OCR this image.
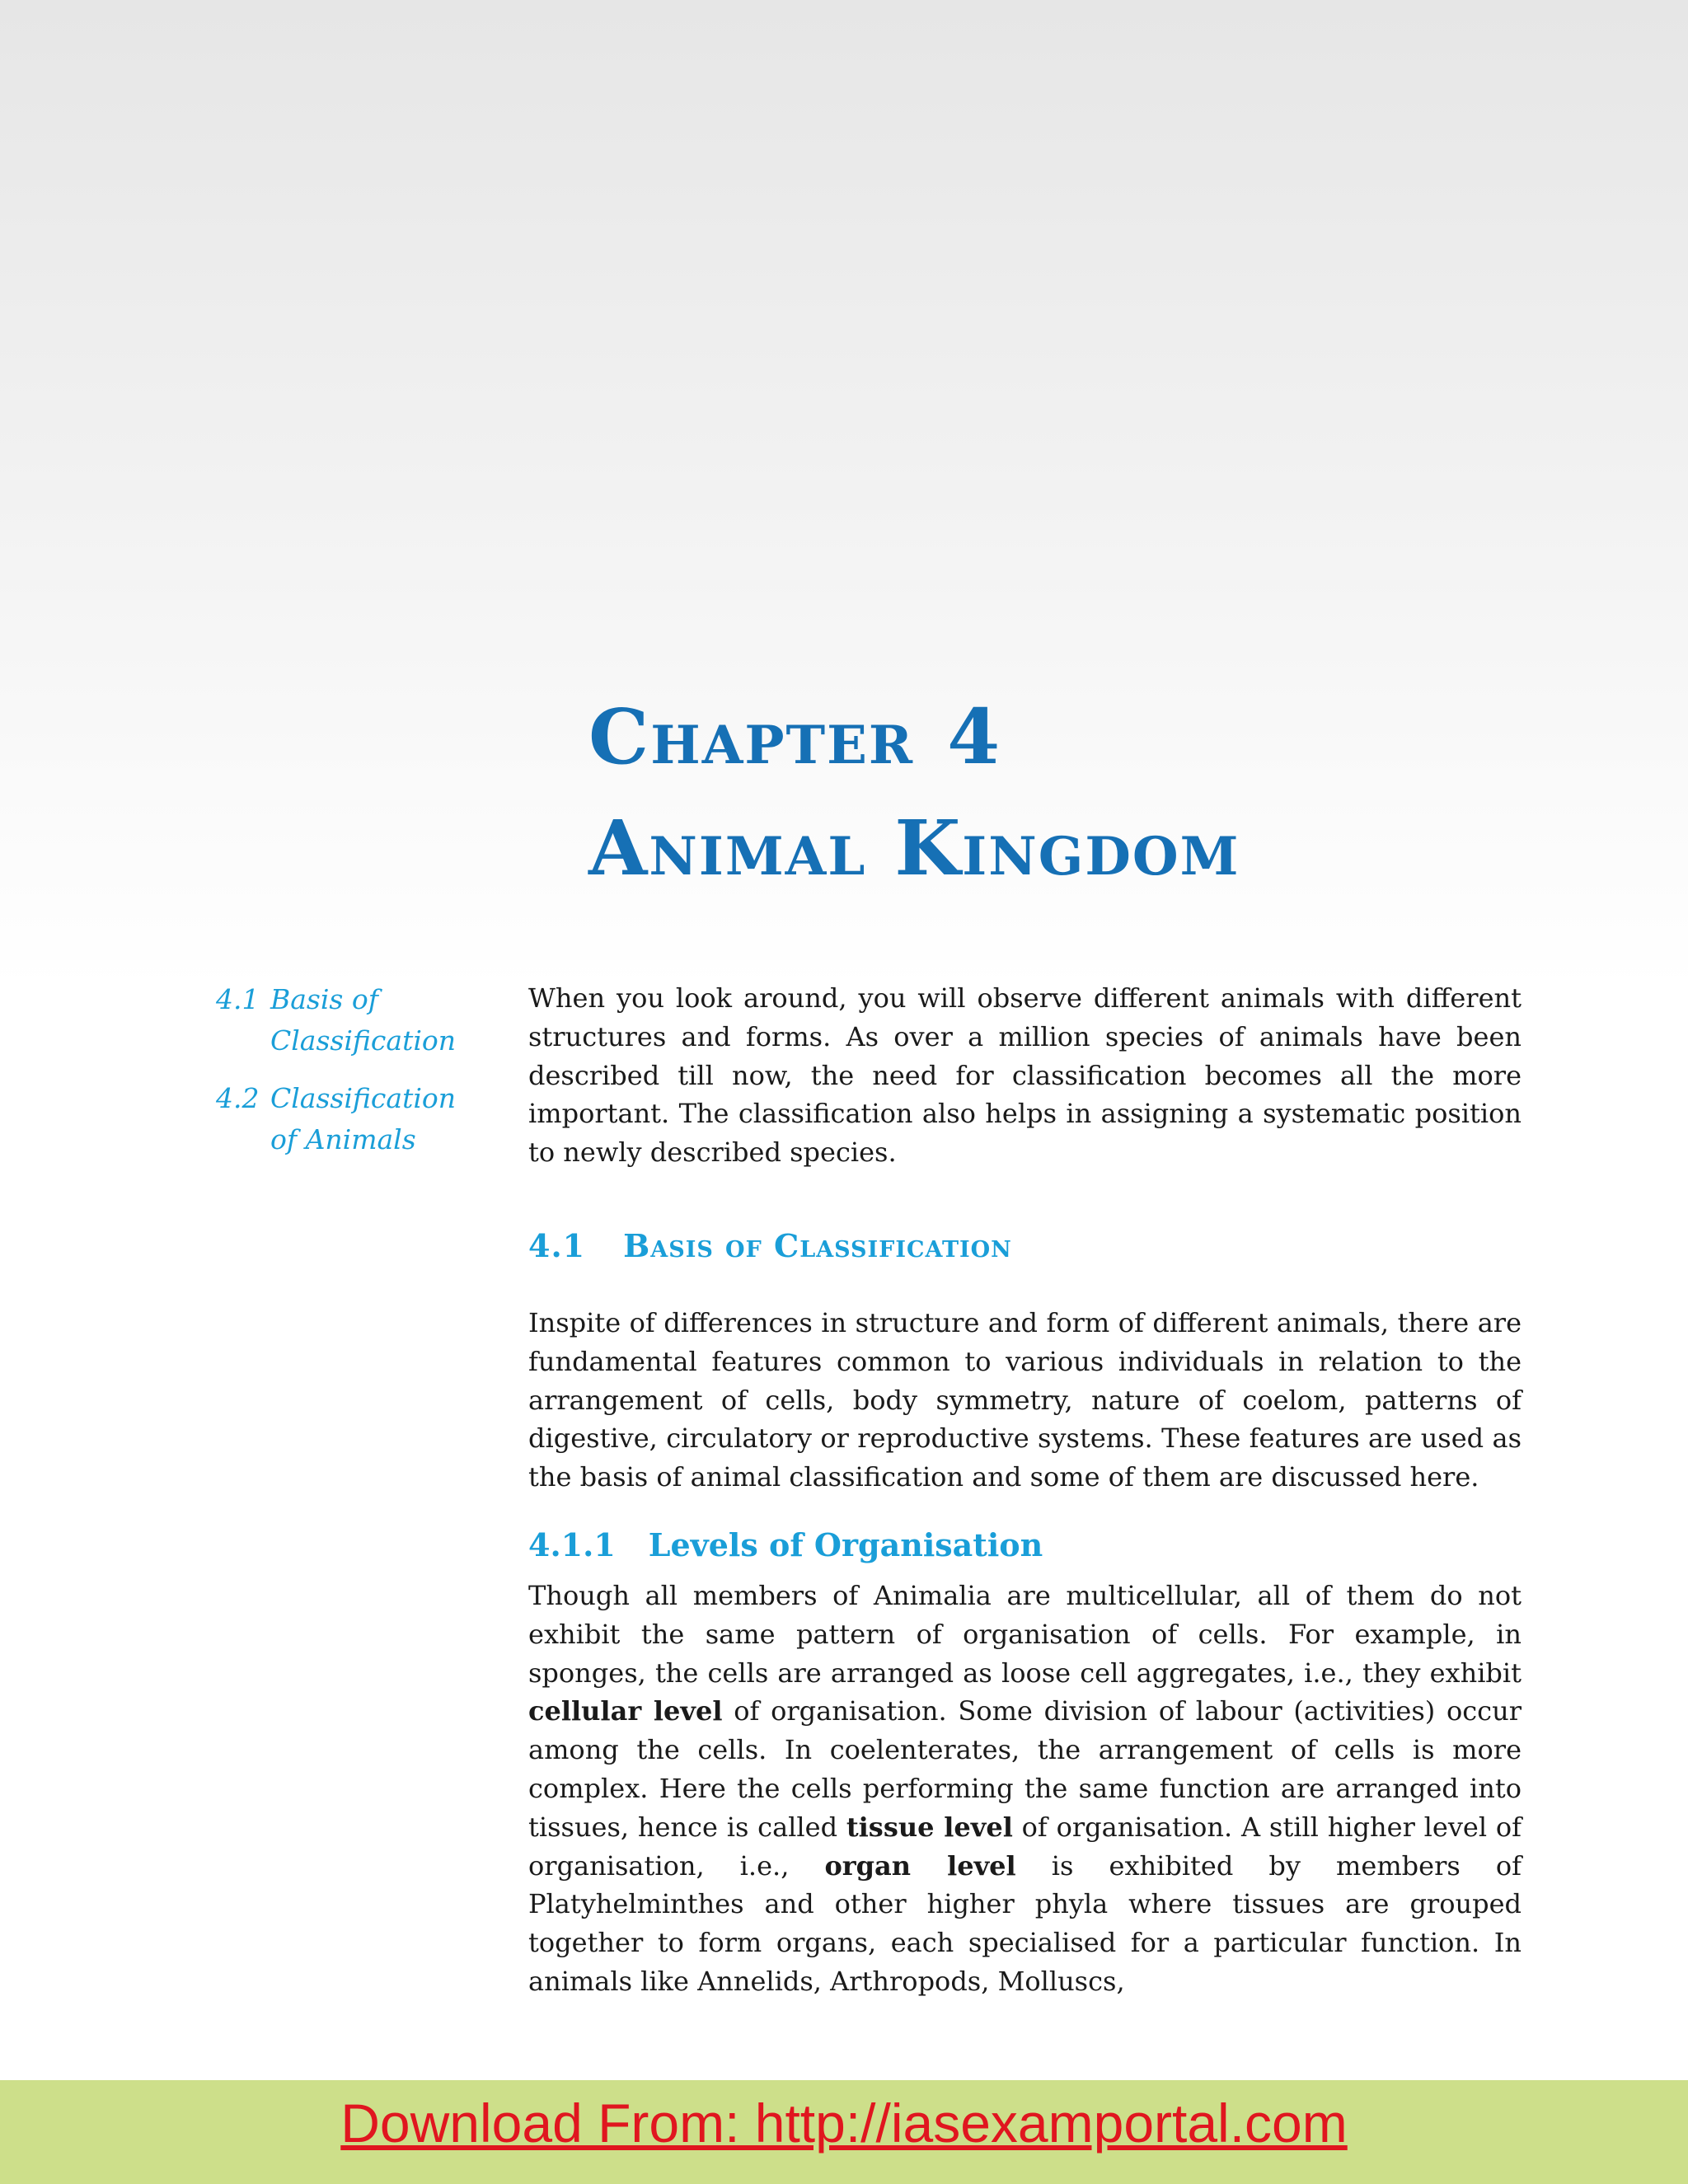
Chapter 4
Animal Kingdom
4.1 Basis of Classification
4.2 Classification of Animals

When you look around, you will observe different animals with different structures and forms. As over a million species of animals have been described till now, the need for classification becomes all the more important. The classification also helps in assigning a systematic position to newly described species.

4.1 Basis of Classification

Inspite of differences in structure and form of different animals, there are fundamental features common to various individuals in relation to the arrangement of cells, body symmetry, nature of coelom, patterns of digestive, circulatory or reproductive systems. These features are used as the basis of animal classification and some of them are discussed here.

4.1.1 Levels of Organisation

Though all members of Animalia are multicellular, all of them do not exhibit the same pattern of organisation of cells. For example, in sponges, the cells are arranged as loose cell aggregates, i.e., they exhibit cellular level of organisation. Some division of labour (activities) occur among the cells. In coelenterates, the arrangement of cells is more complex. Here the cells performing the same function are arranged into tissues, hence is called tissue level of organisation. A still higher level of organisation, i.e., organ level is exhibited by members of Platyhelminthes and other higher phyla where tissues are grouped together to form organs, each specialised for a particular function. In animals like Annelids, Arthropods, Molluscs,

Download From: http://iasexamportal.com
